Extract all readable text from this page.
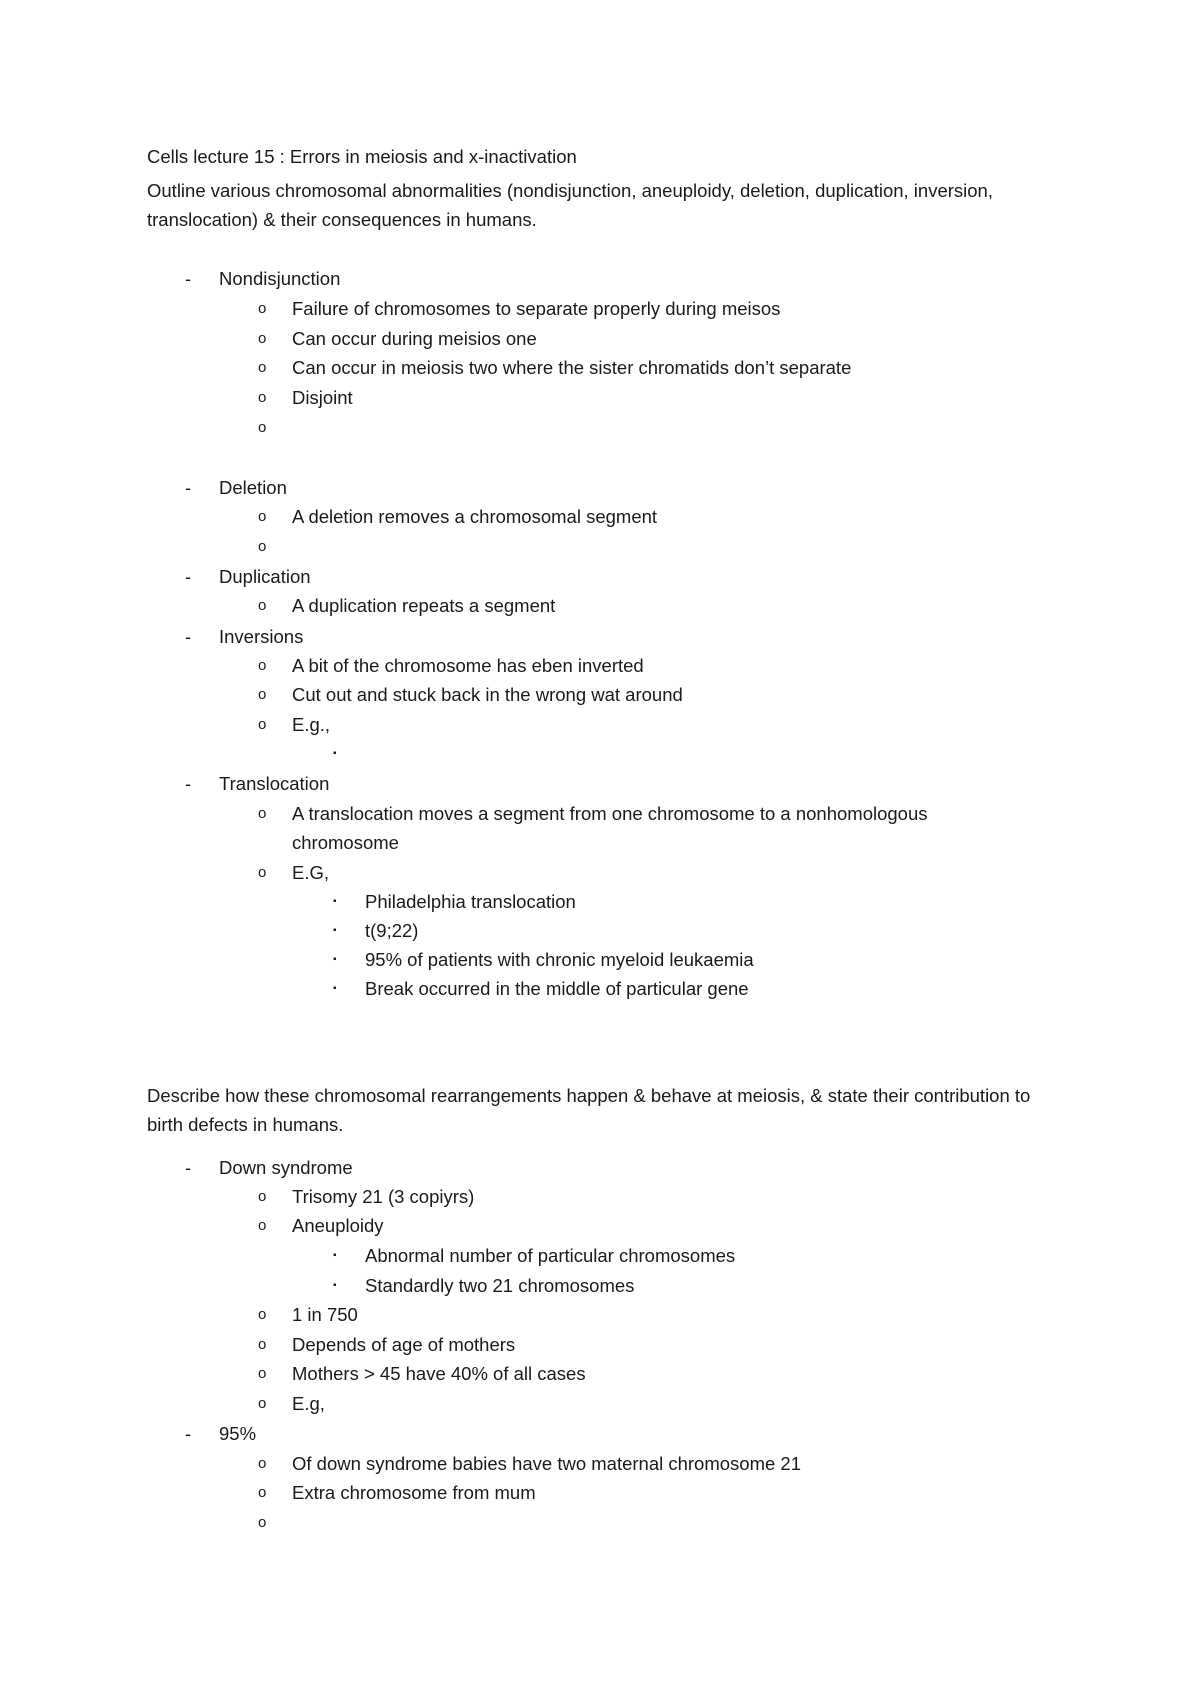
Cells lecture 15 : Errors in meiosis and x-inactivation
Outline various chromosomal abnormalities (nondisjunction, aneuploidy, deletion, duplication, inversion, translocation) & their consequences in humans.
- Nondisjunction
o Failure of chromosomes to separate properly during meisos
o Can occur during meisios one
o Can occur in meiosis two where the sister chromatids don’t separate
o Disjoint
o
- Deletion
o A deletion removes a chromosomal segment
o
- Duplication
o A duplication repeats a segment
- Inversions
o A bit of the chromosome has eben inverted
o Cut out and stuck back in the wrong wat around
o E.g.,
▪
- Translocation
o A translocation moves a segment from one chromosome to a nonhomologous
chromosome
o E.G,
▪ Philadelphia translocation
▪ t(9;22)
▪ 95% of patients with chronic myeloid leukaemia
▪ Break occurred in the middle of particular gene
Describe how these chromosomal rearrangements happen & behave at meiosis, & state their contribution to birth defects in humans.
- Down syndrome
o Trisomy 21 (3 copiyrs)
o Aneuploidy
▪ Abnormal number of particular chromosomes
▪ Standardly two 21 chromosomes
o 1 in 750
o Depends of age of mothers
o Mothers > 45 have 40% of all cases
o E.g,
- 95%
o Of down syndrome babies have two maternal chromosome 21
o Extra chromosome from mum
o
